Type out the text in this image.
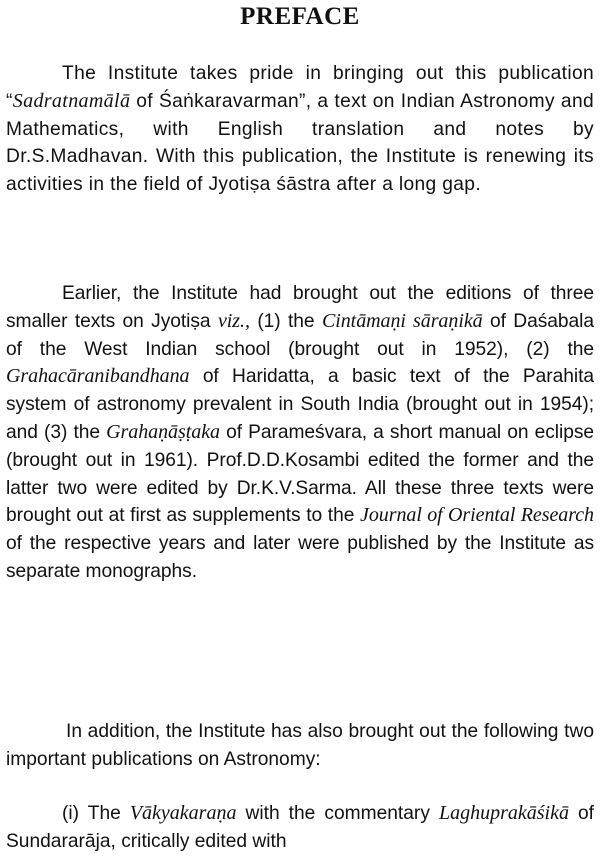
PREFACE

The Institute takes pride in bringing out this publication “Sadratnamālā of Śaṅkaravarman”, a text on Indian Astronomy and Mathematics, with English translation and notes by Dr.S.Madhavan. With this publication, the Institute is renewing its activities in the field of Jyotiṣa śāstra after a long gap.

Earlier, the Institute had brought out the editions of three smaller texts on Jyotiṣa viz., (1) the Cintāmaṇi sāraṇikā of Daśabala of the West Indian school (brought out in 1952), (2) the Grahacāranibandhana of Haridatta, a basic text of the Parahita system of astronomy prevalent in South India (brought out in 1954); and (3) the Grahaṇāṣṭaka of Parameśvara, a short manual on eclipse (brought out in 1961). Prof.D.D.Kosambi edited the former and the latter two were edited by Dr.K.V.Sarma. All these three texts were brought out at first as supplements to the Journal of Oriental Research of the respective years and later were published by the Institute as separate monographs.

In addition, the Institute has also brought out the following two important publications on Astronomy:

(i) The Vākyakaraṇa with the commentary Laghuprakāśikā of Sundararāja, critically edited with
